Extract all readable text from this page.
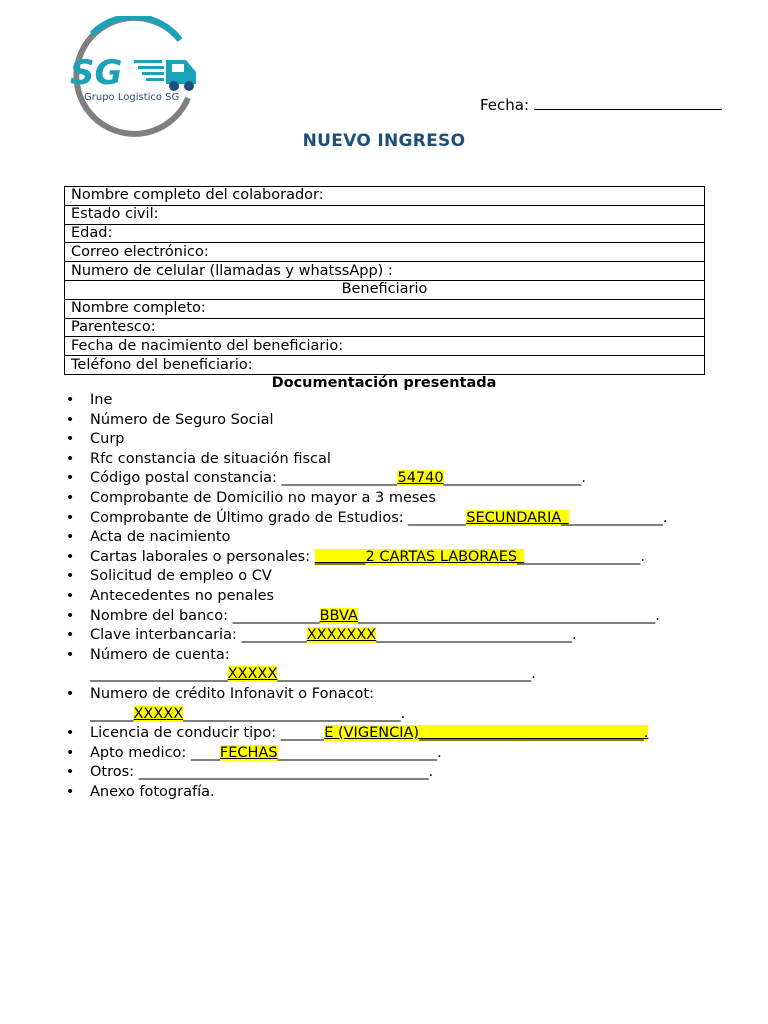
SG
Grupo Logistico SG	Fecha:
NUEVO INGRESO
Nombre completo del colaborador:
Estado civil:
Edad:
Correo electrónico:
Numero de celular (llamadas y whatssApp) :
Beneficiario
Nombre completo:
Parentesco:
Fecha de nacimiento del beneficiario:
Teléfono del beneficiario:
Documentación presentada
• Ine
• Número de Seguro Social
• Curp
• Rfc constancia de situación fiscal
• Código postal constancia: ________________54740___________________.
• Comprobante de Domicilio no mayor a 3 meses
• Comprobante de Último grado de Estudios: ________SECUNDARIA______________.
• Acta de nacimiento
• Cartas laborales o personales: _______2 CARTAS LABORAES_________________.
• Solicitud de empleo o CV
• Antecedentes no penales
• Nombre del banco: ____________BBVA_________________________________________.
• Clave interbancaria: _________XXXXXXX___________________________.
• Número de cuenta:
___________________XXXXX___________________________________.
• Numero de crédito Infonavit o Fonacot:
______XXXXX______________________________.
• Licencia de conducir tipo: ______E (VIGENCIA)_______________________________.
• Apto medico: ____FECHAS______________________.
• Otros: ________________________________________.
• Anexo fotografía.
